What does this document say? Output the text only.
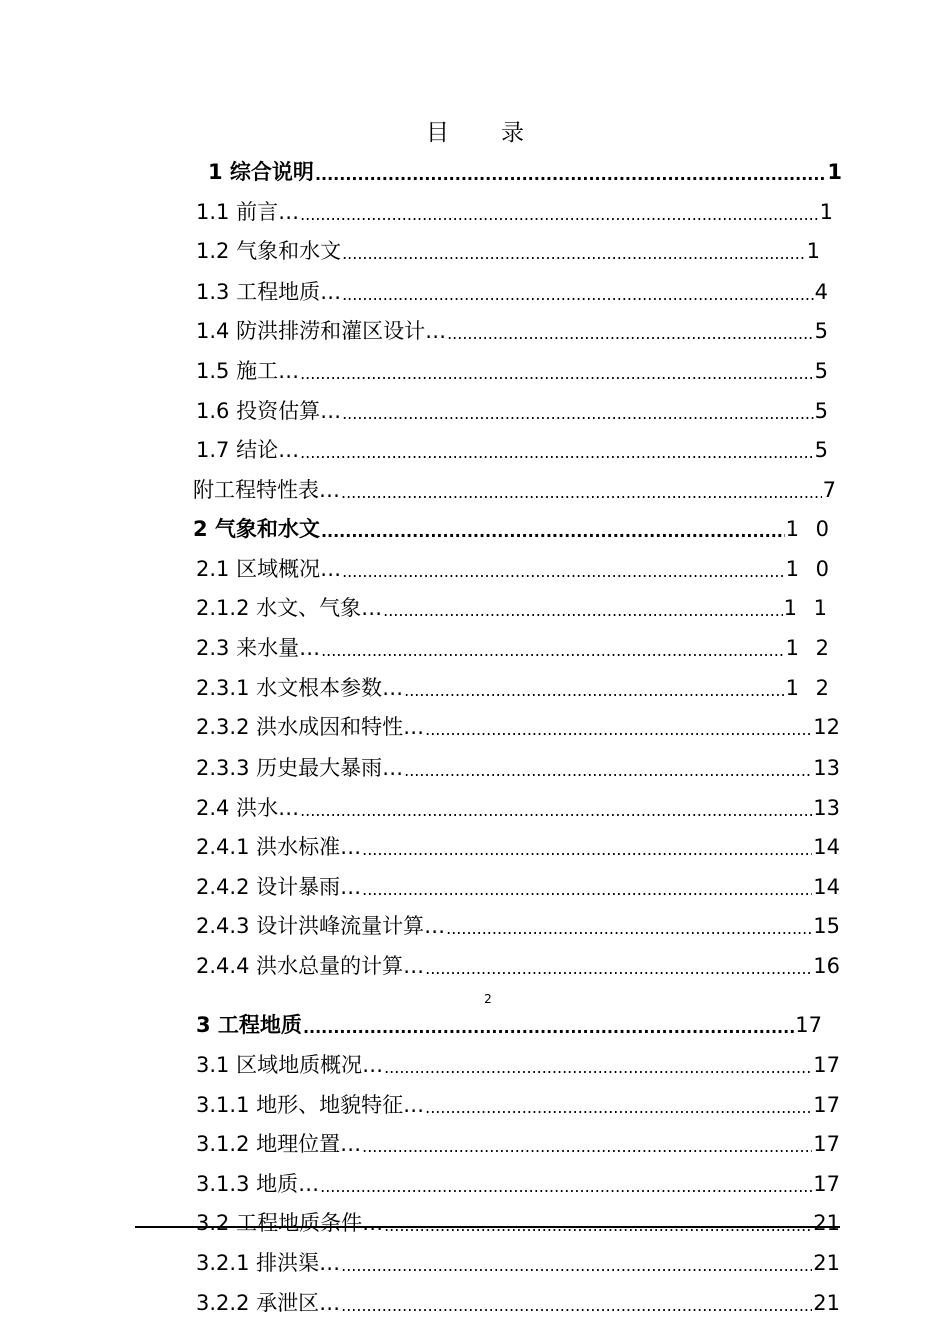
目 录
1 综合说明 .....	1
1.1 前言… .....	1
1.2 气象和水文 .....	1
1.3 工程地质… .....	4
1.4 防洪排涝和灌区设计… .....	5
1.5 施工… .....	5
1.6 投资估算… .....	5
1.7 结论… .....	5
附工程特性表… .....	7
2 气象和水文 .....	1 0
2.1 区域概况… .....	1 0
2.1.2 水文、气象… .....	1 1
2.3 来水量… .....	1 2
2.3.1 水文根本参数… .....	1 2
2.3.2 洪水成因和特性… .....	12
2.3.3 历史最大暴雨… .....	13
2.4 洪水… .....	13
2.4.1 洪水标准… .....	14
2.4.2 设计暴雨… .....	14
2.4.3 设计洪峰流量计算… .....	15
2.4.4 洪水总量的计算… .....	16
2
3 工程地质 .....	17
3.1 区域地质概况… .....	17
3.1.1 地形、地貌特征… .....	17
3.1.2 地理位置… .....	17
3.1.3 地质… .....	17
3.2 工程地质条件… .....	21
3.2.1 排洪渠… .....	21
3.2.2 承泄区… .....	21
